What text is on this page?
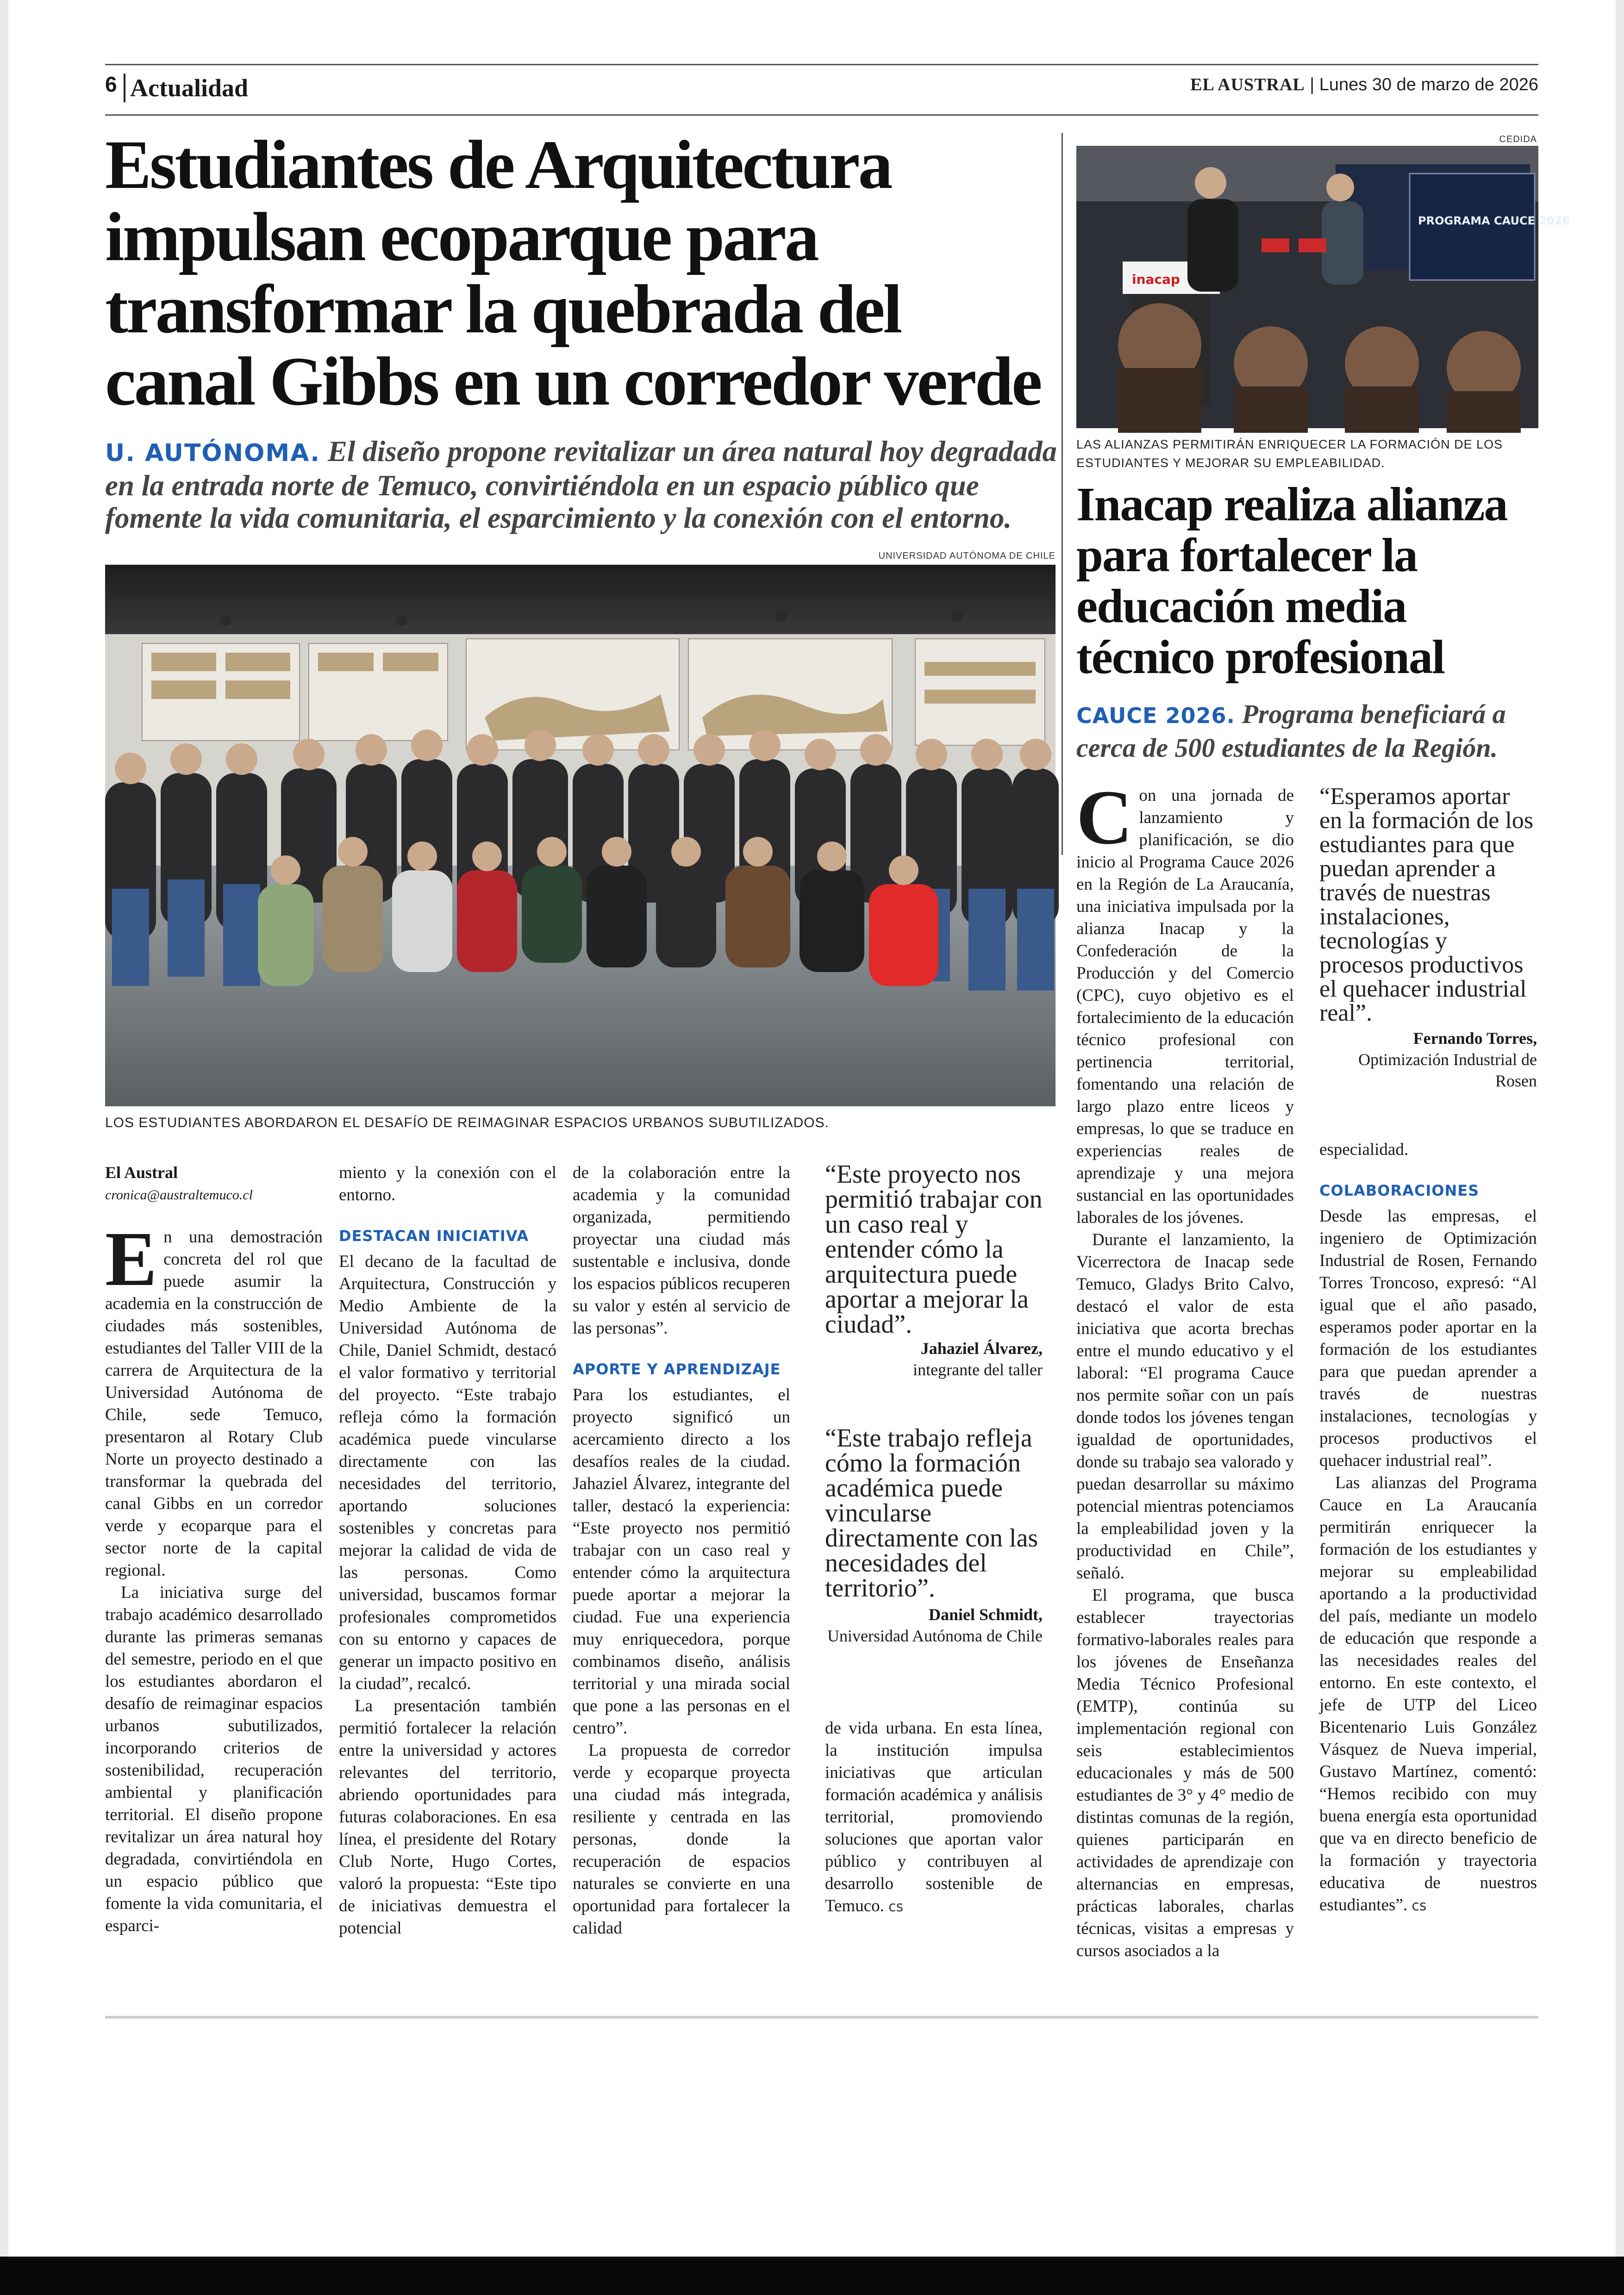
6 Actualidad	EL AUSTRAL | Lunes 30 de marzo de 2026
Estudiantes de Arquitectura impulsan ecoparque para transformar la quebrada del canal Gibbs en un corredor verde

U. AUTÓNOMA. El diseño propone revitalizar un área natural hoy degradada en la entrada norte de Temuco, convirtiéndola en un espacio público que fomente la vida comunitaria, el esparcimiento y la conexión con el entorno.

UNIVERSIDAD AUTÓNOMA DE CHILE
LOS ESTUDIANTES ABORDARON EL DESAFÍO DE REIMAGINAR ESPACIOS URBANOS SUBUTILIZADOS.
El Austral
cronica@australtemuco.cl

En una demostración concreta del rol que puede asumir la academia en la construcción de ciudades más sostenibles, estudiantes del Taller VIII de la carrera de Arquitectura de la Universidad Autónoma de Chile, sede Temuco, presentaron al Rotary Club Norte un proyecto destinado a transformar la quebrada del canal Gibbs en un corredor verde y ecoparque para el sector norte de la capital regional.

La iniciativa surge del trabajo académico desarrollado durante las primeras semanas del semestre, periodo en el que los estudiantes abordaron el desafío de reimaginar espacios urbanos subutilizados, incorporando criterios de sostenibilidad, recuperación ambiental y planificación territorial. El diseño propone revitalizar un área natural hoy degradada, convirtiéndola en un espacio público que fomente la vida comunitaria, el esparci-

miento y la conexión con el entorno.

DESTACAN INICIATIVA

El decano de la facultad de Arquitectura, Construcción y Medio Ambiente de la Universidad Autónoma de Chile, Daniel Schmidt, destacó el valor formativo y territorial del proyecto. “Este trabajo refleja cómo la formación académica puede vincularse directamente con las necesidades del territorio, aportando soluciones sostenibles y concretas para mejorar la calidad de vida de las personas. Como universidad, buscamos formar profesionales comprometidos con su entorno y capaces de generar un impacto positivo en la ciudad”, recalcó.

La presentación también permitió fortalecer la relación entre la universidad y actores relevantes del territorio, abriendo oportunidades para futuras colaboraciones. En esa línea, el presidente del Rotary Club Norte, Hugo Cortes, valoró la propuesta: “Este tipo de iniciativas demuestra el potencial

de la colaboración entre la academia y la comunidad organizada, permitiendo proyectar una ciudad más sustentable e inclusiva, donde los espacios públicos recuperen su valor y estén al servicio de las personas”.

APORTE Y APRENDIZAJE

Para los estudiantes, el proyecto significó un acercamiento directo a los desafíos reales de la ciudad. Jahaziel Álvarez, integrante del taller, destacó la experiencia: “Este proyecto nos permitió trabajar con un caso real y entender cómo la arquitectura puede aportar a mejorar la ciudad. Fue una experiencia muy enriquecedora, porque combinamos diseño, análisis territorial y una mirada social que pone a las personas en el centro”.

La propuesta de corredor verde y ecoparque proyecta una ciudad más integrada, resiliente y centrada en las personas, donde la recuperación de espacios naturales se convierte en una oportunidad para fortalecer la calidad

“Este proyecto nos permitió trabajar con un caso real y entender cómo la arquitectura puede aportar a mejorar la ciudad”.
Jahaziel Álvarez,
integrante del taller
“Este trabajo refleja cómo la formación académica puede vincularse directamente con las necesidades del territorio”.
Daniel Schmidt,
Universidad Autónoma de Chile

de vida urbana. En esta línea, la institución impulsa iniciativas que articulan formación académica y análisis territorial, promoviendo soluciones que aportan valor público y contribuyen al desarrollo sostenible de Temuco. cs

CEDIDA
PROGRAMA CAUCE 2026
inacap
LAS ALIANZAS PERMITIRÁN ENRIQUECER LA FORMACIÓN DE LOS ESTUDIANTES Y MEJORAR SU EMPLEABILIDAD.
Inacap realiza alianza para fortalecer la educación media técnico profesional

CAUCE 2026. Programa beneficiará a cerca de 500 estudiantes de la Región.

Con una jornada de lanzamiento y planificación, se dio inicio al Programa Cauce 2026 en la Región de La Araucanía, una iniciativa impulsada por la alianza Inacap y la Confederación de la Producción y del Comercio (CPC), cuyo objetivo es el fortalecimiento de la educación técnico profesional con pertinencia territorial, fomentando una relación de largo plazo entre liceos y empresas, lo que se traduce en experiencias reales de aprendizaje y una mejora sustancial en las oportunidades laborales de los jóvenes.

Durante el lanzamiento, la Vicerrectora de Inacap sede Temuco, Gladys Brito Calvo, destacó el valor de esta iniciativa que acorta brechas entre el mundo educativo y el laboral: “El programa Cauce nos permite soñar con un país donde todos los jóvenes tengan igualdad de oportunidades, donde su trabajo sea valorado y puedan desarrollar su máximo potencial mientras potenciamos la empleabilidad joven y la productividad en Chile”, señaló.

El programa, que busca establecer trayectorias formativo-laborales reales para los jóvenes de Enseñanza Media Técnico Profesional (EMTP), continúa su implementación regional con seis establecimientos educacionales y más de 500 estudiantes de 3° y 4° medio de distintas comunas de la región, quienes participarán en actividades de aprendizaje con alternancias en empresas, prácticas laborales, charlas técnicas, visitas a empresas y cursos asociados a la

“Esperamos aportar en la formación de los estudiantes para que puedan aprender a través de nuestras instalaciones, tecnologías y procesos productivos el quehacer industrial real”.
Fernando Torres,
Optimización Industrial de Rosen

especialidad.

COLABORACIONES

Desde las empresas, el ingeniero de Optimización Industrial de Rosen, Fernando Torres Troncoso, expresó: “Al igual que el año pasado, esperamos poder aportar en la formación de los estudiantes para que puedan aprender a través de nuestras instalaciones, tecnologías y procesos productivos el quehacer industrial real”.

Las alianzas del Programa Cauce en La Araucanía permitirán enriquecer la formación de los estudiantes y mejorar su empleabilidad aportando a la productividad del país, mediante un modelo de educación que responde a las necesidades reales del entorno. En este contexto, el jefe de UTP del Liceo Bicentenario Luis González Vásquez de Nueva imperial, Gustavo Martínez, comentó: “Hemos recibido con muy buena energía esta oportunidad que va en directo beneficio de la formación y trayectoria educativa de nuestros estudiantes”. cs
